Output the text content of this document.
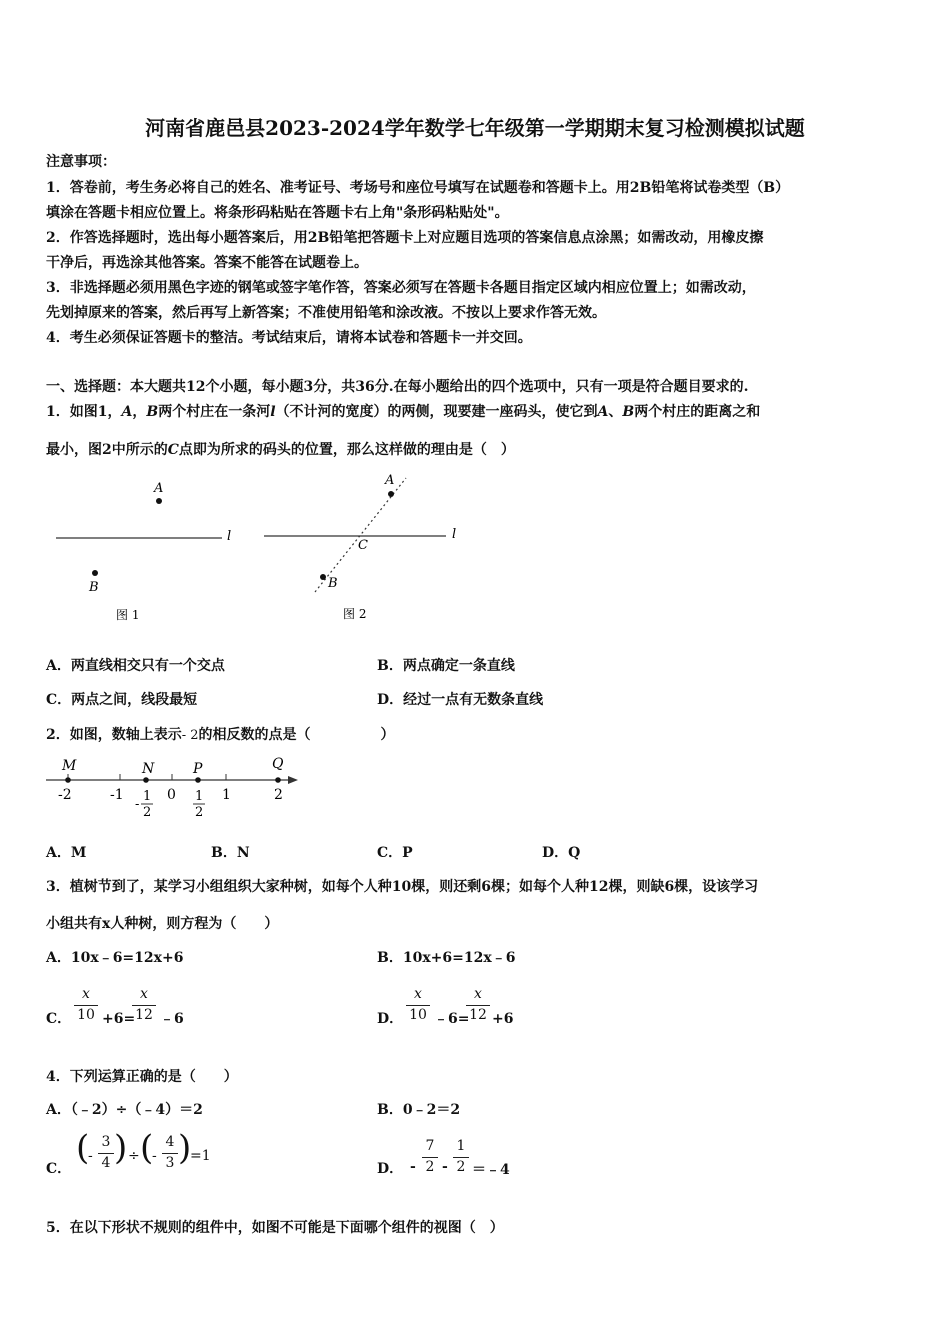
河南省鹿邑县2023-2024学年数学七年级第一学期期末复习检测模拟试题
注意事项：
1．答卷前，考生务必将自己的姓名、准考证号、考场号和座位号填写在试题卷和答题卡上。用2B铅笔将试卷类型（B）
填涂在答题卡相应位置上。将条形码粘贴在答题卡右上角"条形码粘贴处"。
2．作答选择题时，选出每小题答案后，用2B铅笔把答题卡上对应题目选项的答案信息点涂黑；如需改动，用橡皮擦
干净后，再选涂其他答案。答案不能答在试题卷上。
3．非选择题必须用黑色字迹的钢笔或签字笔作答，答案必须写在答题卡各题目指定区域内相应位置上；如需改动，
先划掉原来的答案，然后再写上新答案；不准使用铅笔和涂改液。不按以上要求作答无效。
4．考生必须保证答题卡的整洁。考试结束后，请将本试卷和答题卡一并交回。
一、选择题：本大题共12个小题，每小题3分，共36分.在每小题给出的四个选项中，只有一项是符合题目要求的.
1．如图1，A，B两个村庄在一条河l（不计河的宽度）的两侧，现要建一座码头，使它到A、B两个村庄的距离之和
最小，图2中所示的C点即为所求的码头的位置，那么这样做的理由是（　）
l
A
B
图 1
l
A
B
C
图 2
A．两直线相交只有一个交点	B．两点确定一条直线
C．两点之间，线段最短	D．经过一点有无数条直线
2．如图，数轴上表示- 2的相反数的点是（　　　　　）
M	N	P	Q
-2	-1	0	1	2
-
1
2
1
2
A．M	B．N	C．P	D．Q
3．植树节到了，某学习小组组织大家种树，如每个人种10棵，则还剩6棵；如每个人种12棵，则缺6棵，设该学习
小组共有x人种树，则方程为（　　）
A．10x﹣6=12x+6	B．10x+6=12x﹣6
C．
x
10 +6=
x
12 ﹣6	D．
x
10 ﹣6=
x
12 +6
4．下列运算正确的是（　　）
A．（﹣2）÷（﹣4）＝2	B．0﹣2＝2
C．
(
-
3
4 ) ÷ (
-
4
3 )
=1
D． -
7
2 -
1
2 ＝﹣4
5．在以下形状不规则的组件中，如图不可能是下面哪个组件的视图（　）
